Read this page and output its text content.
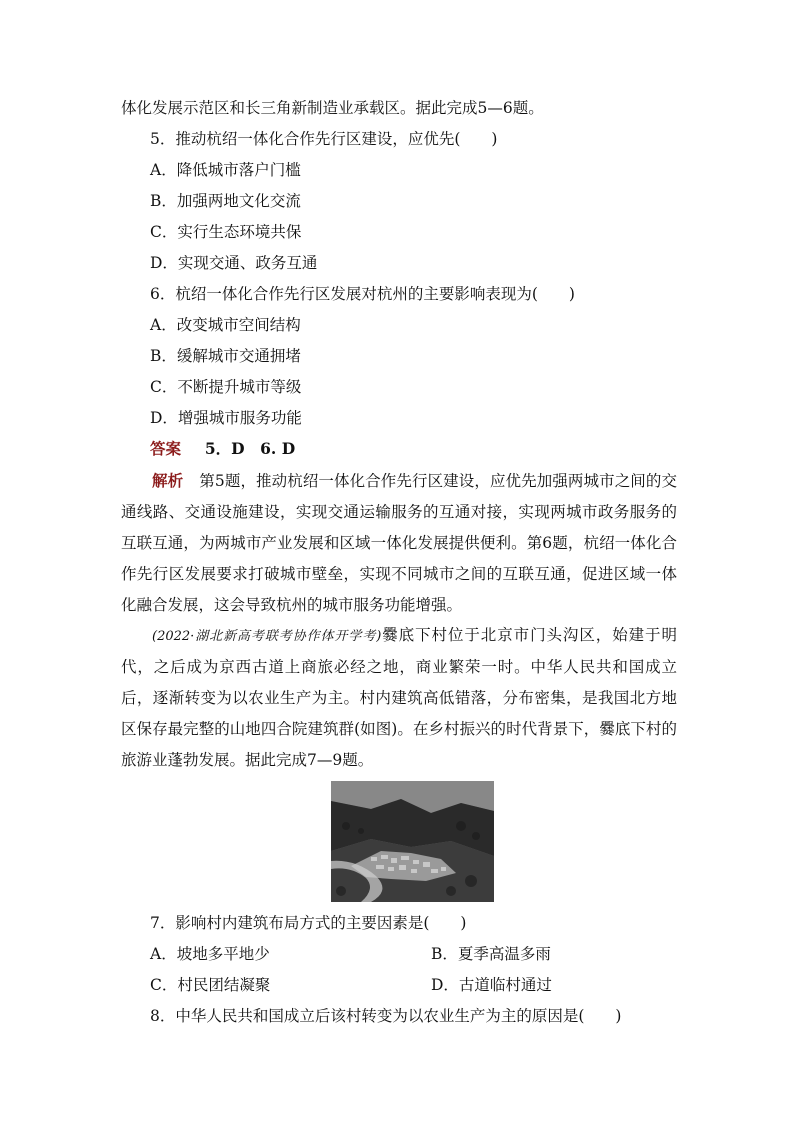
体化发展示范区和长三角新制造业承载区。据此完成5—6题。
5．推动杭绍一体化合作先行区建设，应优先(　　)
A．降低城市落户门槛
B．加强两地文化交流
C．实行生态环境共保
D．实现交通、政务互通
6．杭绍一体化合作先行区发展对杭州的主要影响表现为(　　)
A．改变城市空间结构
B．缓解城市交通拥堵
C．不断提升城市等级
D．增强城市服务功能
答案 5．D　6. D
解析 第5题，推动杭绍一体化合作先行区建设，应优先加强两城市之间的交通线路、交通设施建设，实现交通运输服务的互通对接，实现两城市政务服务的互联互通，为两城市产业发展和区域一体化发展提供便利。第6题，杭绍一体化合作先行区发展要求打破城市壁垒，实现不同城市之间的互联互通，促进区域一体化融合发展，这会导致杭州的城市服务功能增强。
(2022·湖北新高考联考协作体开学考)爨底下村位于北京市门头沟区，始建于明代，之后成为京西古道上商旅必经之地，商业繁荣一时。中华人民共和国成立后，逐渐转变为以农业生产为主。村内建筑高低错落，分布密集，是我国北方地区保存最完整的山地四合院建筑群(如图)。在乡村振兴的时代背景下，爨底下村的旅游业蓬勃发展。据此完成7—9题。
7．影响村内建筑布局方式的主要因素是(　　)
A．坡地多平地少	B．夏季高温多雨
C．村民团结凝聚	D．古道临村通过
8．中华人民共和国成立后该村转变为以农业生产为主的原因是(　　)
